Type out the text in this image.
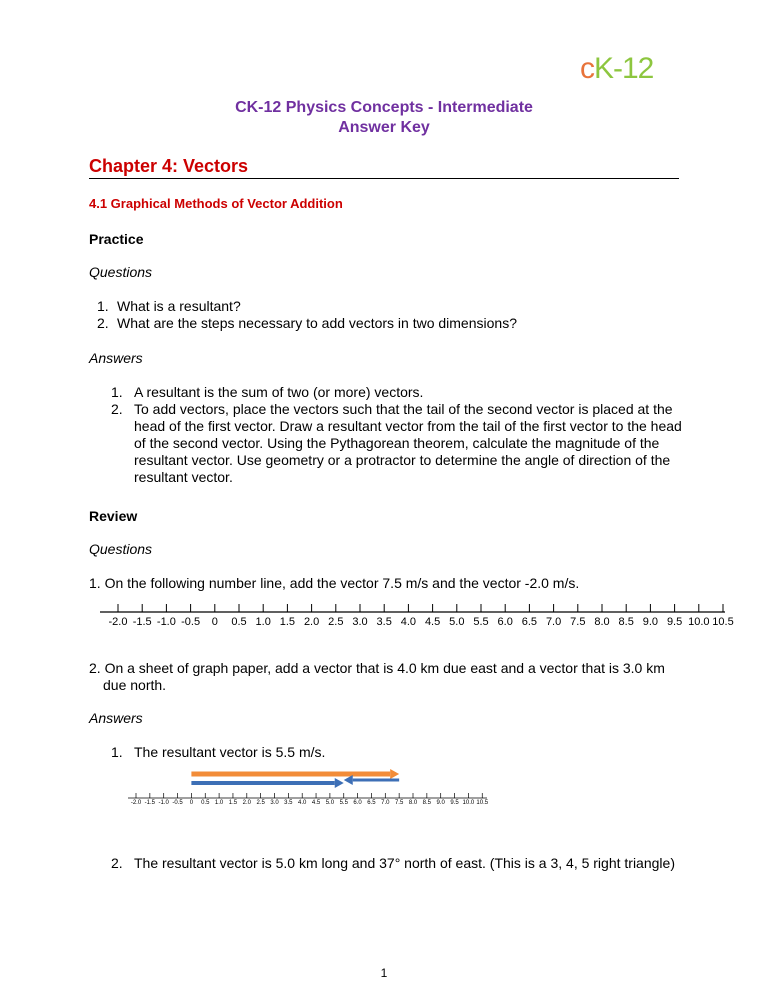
cK-12
CK-12 Physics Concepts - Intermediate
Answer Key
Chapter 4: Vectors
4.1 Graphical Methods of Vector Addition
Practice
Questions
1. What is a resultant?
2. What are the steps necessary to add vectors in two dimensions?
Answers
1. A resultant is the sum of two (or more) vectors.
2. To add vectors, place the vectors such that the tail of the second vector is placed at the head of the first vector. Draw a resultant vector from the tail of the first vector to the head of the second vector. Using the Pythagorean theorem, calculate the magnitude of the resultant vector. Use geometry or a protractor to determine the angle of direction of the resultant vector.
Review
Questions
1. On the following number line, add the vector 7.5 m/s and the vector -2.0 m/s.
-2.0 -1.5 -1.0 -0.5	0	0.5 1.0 1.5 2.0 2.5 3.0 3.5 4.0 4.5 5.0 5.5 6.0 6.5 7.0 7.5 8.0 8.5 9.0 9.5 10.0 10.5
2. On a sheet of graph paper, add a vector that is 4.0 km due east and a vector that is 3.0 km due north.
Answers
1. The resultant vector is 5.5 m/s.
-2.0 -1.5 -1.0 -0.5	0	0.5 1.0 1.5 2.0 2.5 3.0 3.5 4.0 4.5 5.0 5.5 6.0 6.5 7.0 7.5 8.0 8.5 9.0 9.5 10.0 10.5
2. The resultant vector is 5.0 km long and 37° north of east. (This is a 3, 4, 5 right triangle)
1
